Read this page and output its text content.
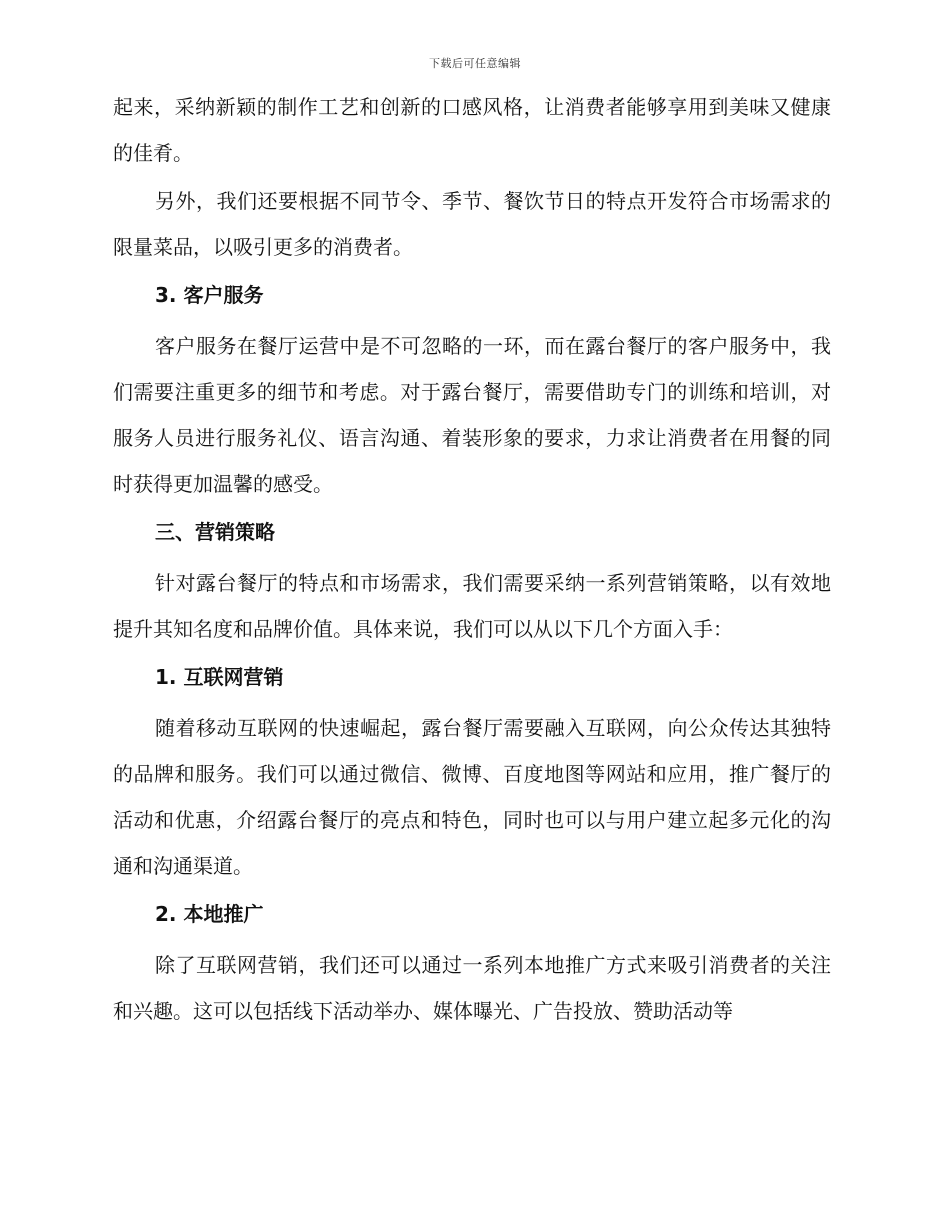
下载后可任意编辑

起来，采纳新颖的制作工艺和创新的口感风格，让消费者能够享用到美味又健康的佳肴。

另外，我们还要根据不同节令、季节、餐饮节日的特点开发符合市场需求的限量菜品，以吸引更多的消费者。

3. 客户服务

客户服务在餐厅运营中是不可忽略的一环，而在露台餐厅的客户服务中，我们需要注重更多的细节和考虑。对于露台餐厅，需要借助专门的训练和培训，对服务人员进行服务礼仪、语言沟通、着装形象的要求，力求让消费者在用餐的同时获得更加温馨的感受。

三、营销策略

针对露台餐厅的特点和市场需求，我们需要采纳一系列营销策略，以有效地提升其知名度和品牌价值。具体来说，我们可以从以下几个方面入手：

1. 互联网营销

随着移动互联网的快速崛起，露台餐厅需要融入互联网，向公众传达其独特的品牌和服务。我们可以通过微信、微博、百度地图等网站和应用，推广餐厅的活动和优惠，介绍露台餐厅的亮点和特色，同时也可以与用户建立起多元化的沟通和沟通渠道。

2. 本地推广

除了互联网营销，我们还可以通过一系列本地推广方式来吸引消费者的关注和兴趣。这可以包括线下活动举办、媒体曝光、广告投放、赞助活动等
